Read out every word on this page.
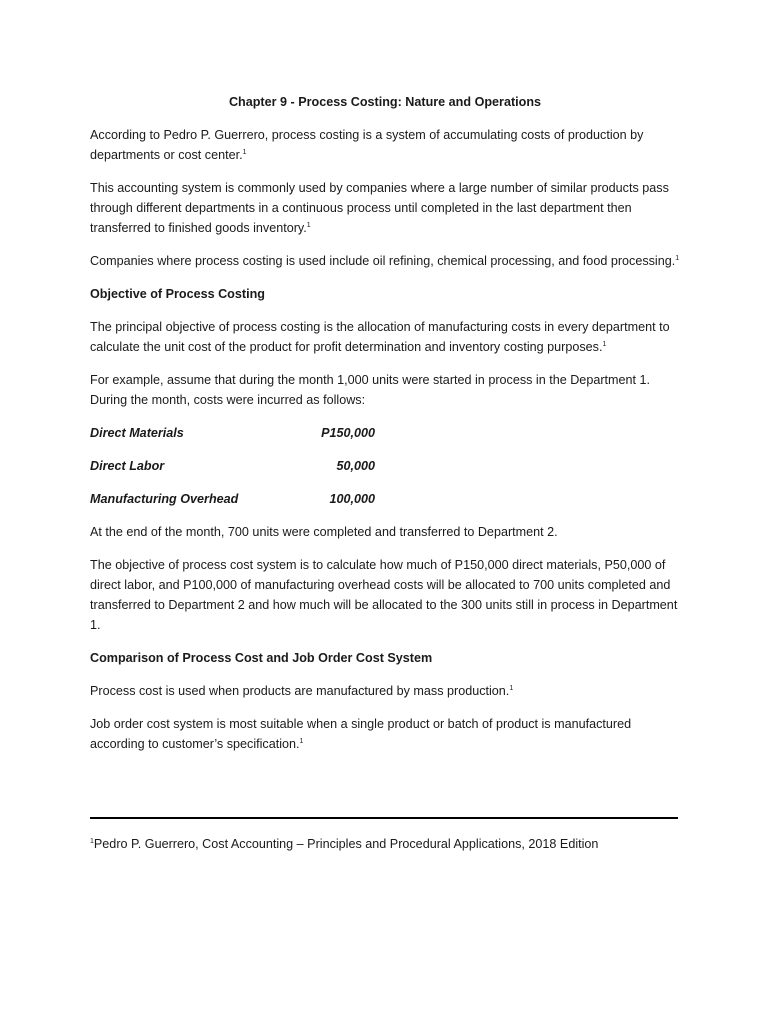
Chapter 9 - Process Costing: Nature and Operations

According to Pedro P. Guerrero, process costing is a system of accumulating costs of production by departments or cost center.$^1$

This accounting system is commonly used by companies where a large number of similar products pass through different departments in a continuous process until completed in the last department then transferred to finished goods inventory.$^1$

Companies where process costing is used include oil refining, chemical processing, and food processing.$^1$

Objective of Process Costing

The principal objective of process costing is the allocation of manufacturing costs in every department to calculate the unit cost of the product for profit determination and inventory costing purposes.$^1$

For example, assume that during the month 1,000 units were started in process in the Department 1. During the month, costs were incurred as follows:

Direct Materials	P150,000
Direct Labor	50,000
Manufacturing Overhead	100,000

At the end of the month, 700 units were completed and transferred to Department 2.

The objective of process cost system is to calculate how much of P150,000 direct materials, P50,000 of direct labor, and P100,000 of manufacturing overhead costs will be allocated to 700 units completed and transferred to Department 2 and how much will be allocated to the 300 units still in process in Department 1.

Comparison of Process Cost and Job Order Cost System

Process cost is used when products are manufactured by mass production.$^1$

Job order cost system is most suitable when a single product or batch of product is manufactured according to customer’s specification.$^1$

$^1$Pedro P. Guerrero, Cost Accounting – Principles and Procedural Applications, 2018 Edition
